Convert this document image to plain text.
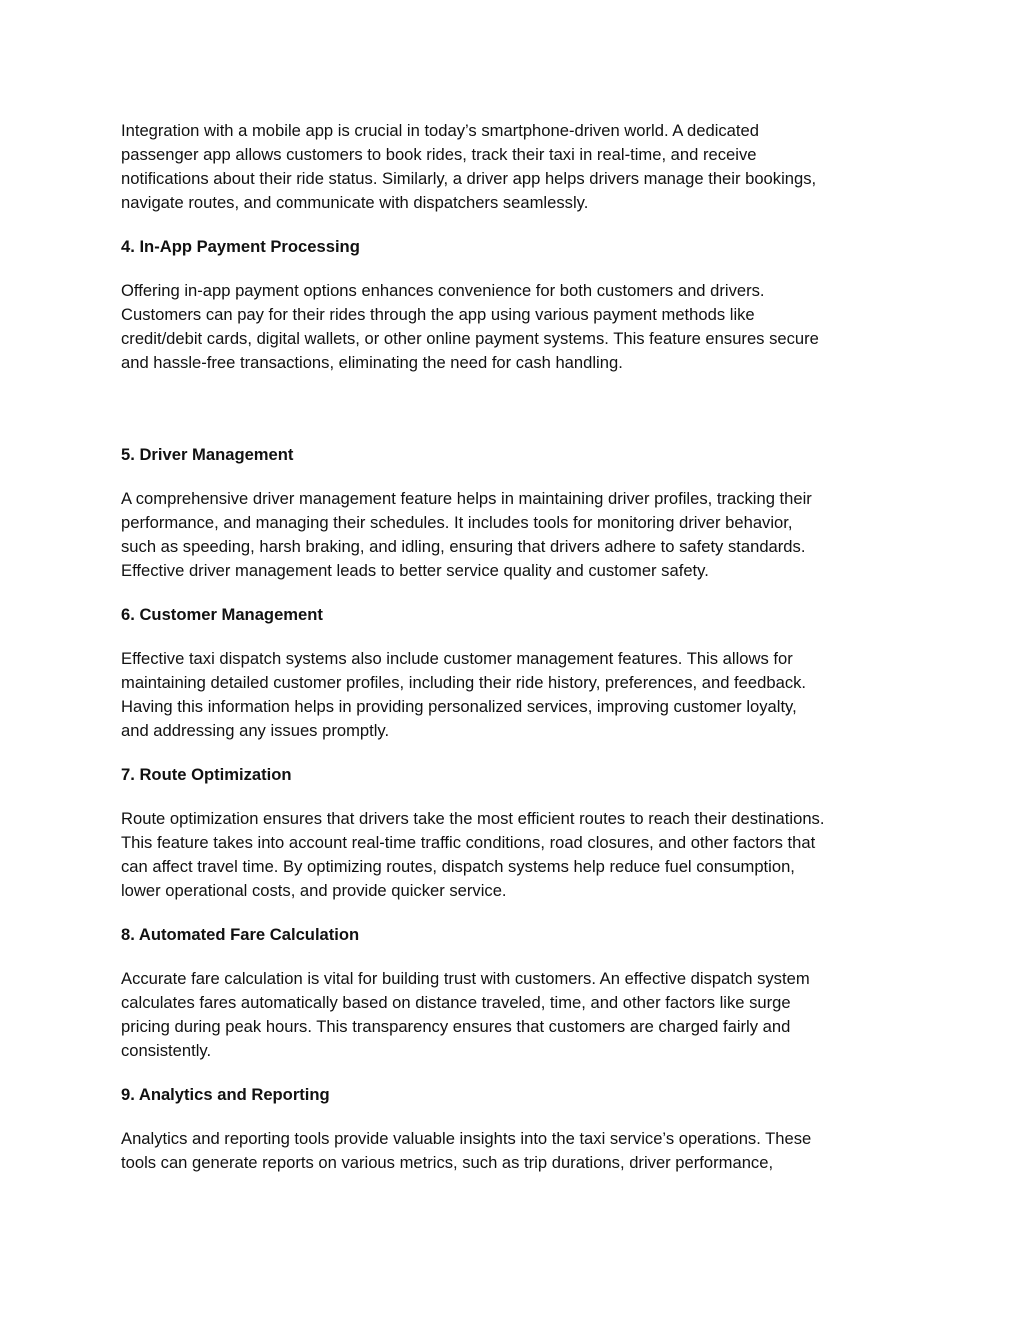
Integration with a mobile app is crucial in today’s smartphone-driven world. A dedicated
passenger app allows customers to book rides, track their taxi in real-time, and receive
notifications about their ride status. Similarly, a driver app helps drivers manage their bookings,
navigate routes, and communicate with dispatchers seamlessly.

4. In-App Payment Processing

Offering in-app payment options enhances convenience for both customers and drivers.
Customers can pay for their rides through the app using various payment methods like
credit/debit cards, digital wallets, or other online payment systems. This feature ensures secure
and hassle-free transactions, eliminating the need for cash handling.

5. Driver Management

A comprehensive driver management feature helps in maintaining driver profiles, tracking their
performance, and managing their schedules. It includes tools for monitoring driver behavior,
such as speeding, harsh braking, and idling, ensuring that drivers adhere to safety standards.
Effective driver management leads to better service quality and customer safety.

6. Customer Management

Effective taxi dispatch systems also include customer management features. This allows for
maintaining detailed customer profiles, including their ride history, preferences, and feedback.
Having this information helps in providing personalized services, improving customer loyalty,
and addressing any issues promptly.

7. Route Optimization

Route optimization ensures that drivers take the most efficient routes to reach their destinations.
This feature takes into account real-time traffic conditions, road closures, and other factors that
can affect travel time. By optimizing routes, dispatch systems help reduce fuel consumption,
lower operational costs, and provide quicker service.

8. Automated Fare Calculation

Accurate fare calculation is vital for building trust with customers. An effective dispatch system
calculates fares automatically based on distance traveled, time, and other factors like surge
pricing during peak hours. This transparency ensures that customers are charged fairly and
consistently.

9. Analytics and Reporting

Analytics and reporting tools provide valuable insights into the taxi service’s operations. These
tools can generate reports on various metrics, such as trip durations, driver performance,
